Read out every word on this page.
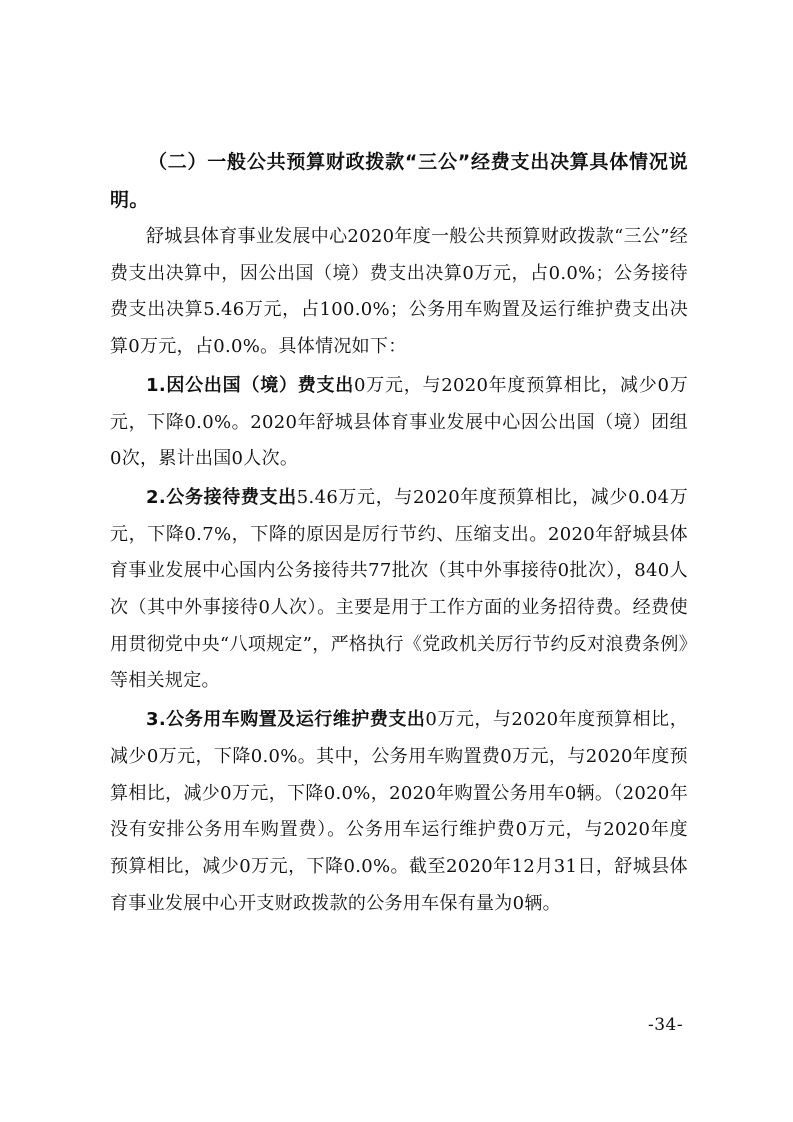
（二）一般公共预算财政拨款“三公”经费支出决算具体情况说明。

舒城县体育事业发展中心2020年度一般公共预算财政拨款“三公”经费支出决算中，因公出国（境）费支出决算0万元，占0.0%；公务接待费支出决算5.46万元，占100.0%；公务用车购置及运行维护费支出决算0万元，占0.0%。具体情况如下：

1.因公出国（境）费支出0万元，与2020年度预算相比，减少0万元，下降0.0%。2020年舒城县体育事业发展中心因公出国（境）团组0次，累计出国0人次。

2.公务接待费支出5.46万元，与2020年度预算相比，减少0.04万元，下降0.7%，下降的原因是厉行节约、压缩支出。2020年舒城县体育事业发展中心国内公务接待共77批次（其中外事接待0批次），840人次（其中外事接待0人次）。主要是用于工作方面的业务招待费。经费使用贯彻党中央“八项规定”，严格执行《党政机关厉行节约反对浪费条例》等相关规定。

3.公务用车购置及运行维护费支出0万元，与2020年度预算相比，减少0万元，下降0.0%。其中，公务用车购置费0万元，与2020年度预算相比，减少0万元，下降0.0%，2020年购置公务用车0辆。（2020年没有安排公务用车购置费）。公务用车运行维护费0万元，与2020年度预算相比，减少0万元，下降0.0%。截至2020年12月31日，舒城县体育事业发展中心开支财政拨款的公务用车保有量为0辆。

-34-
